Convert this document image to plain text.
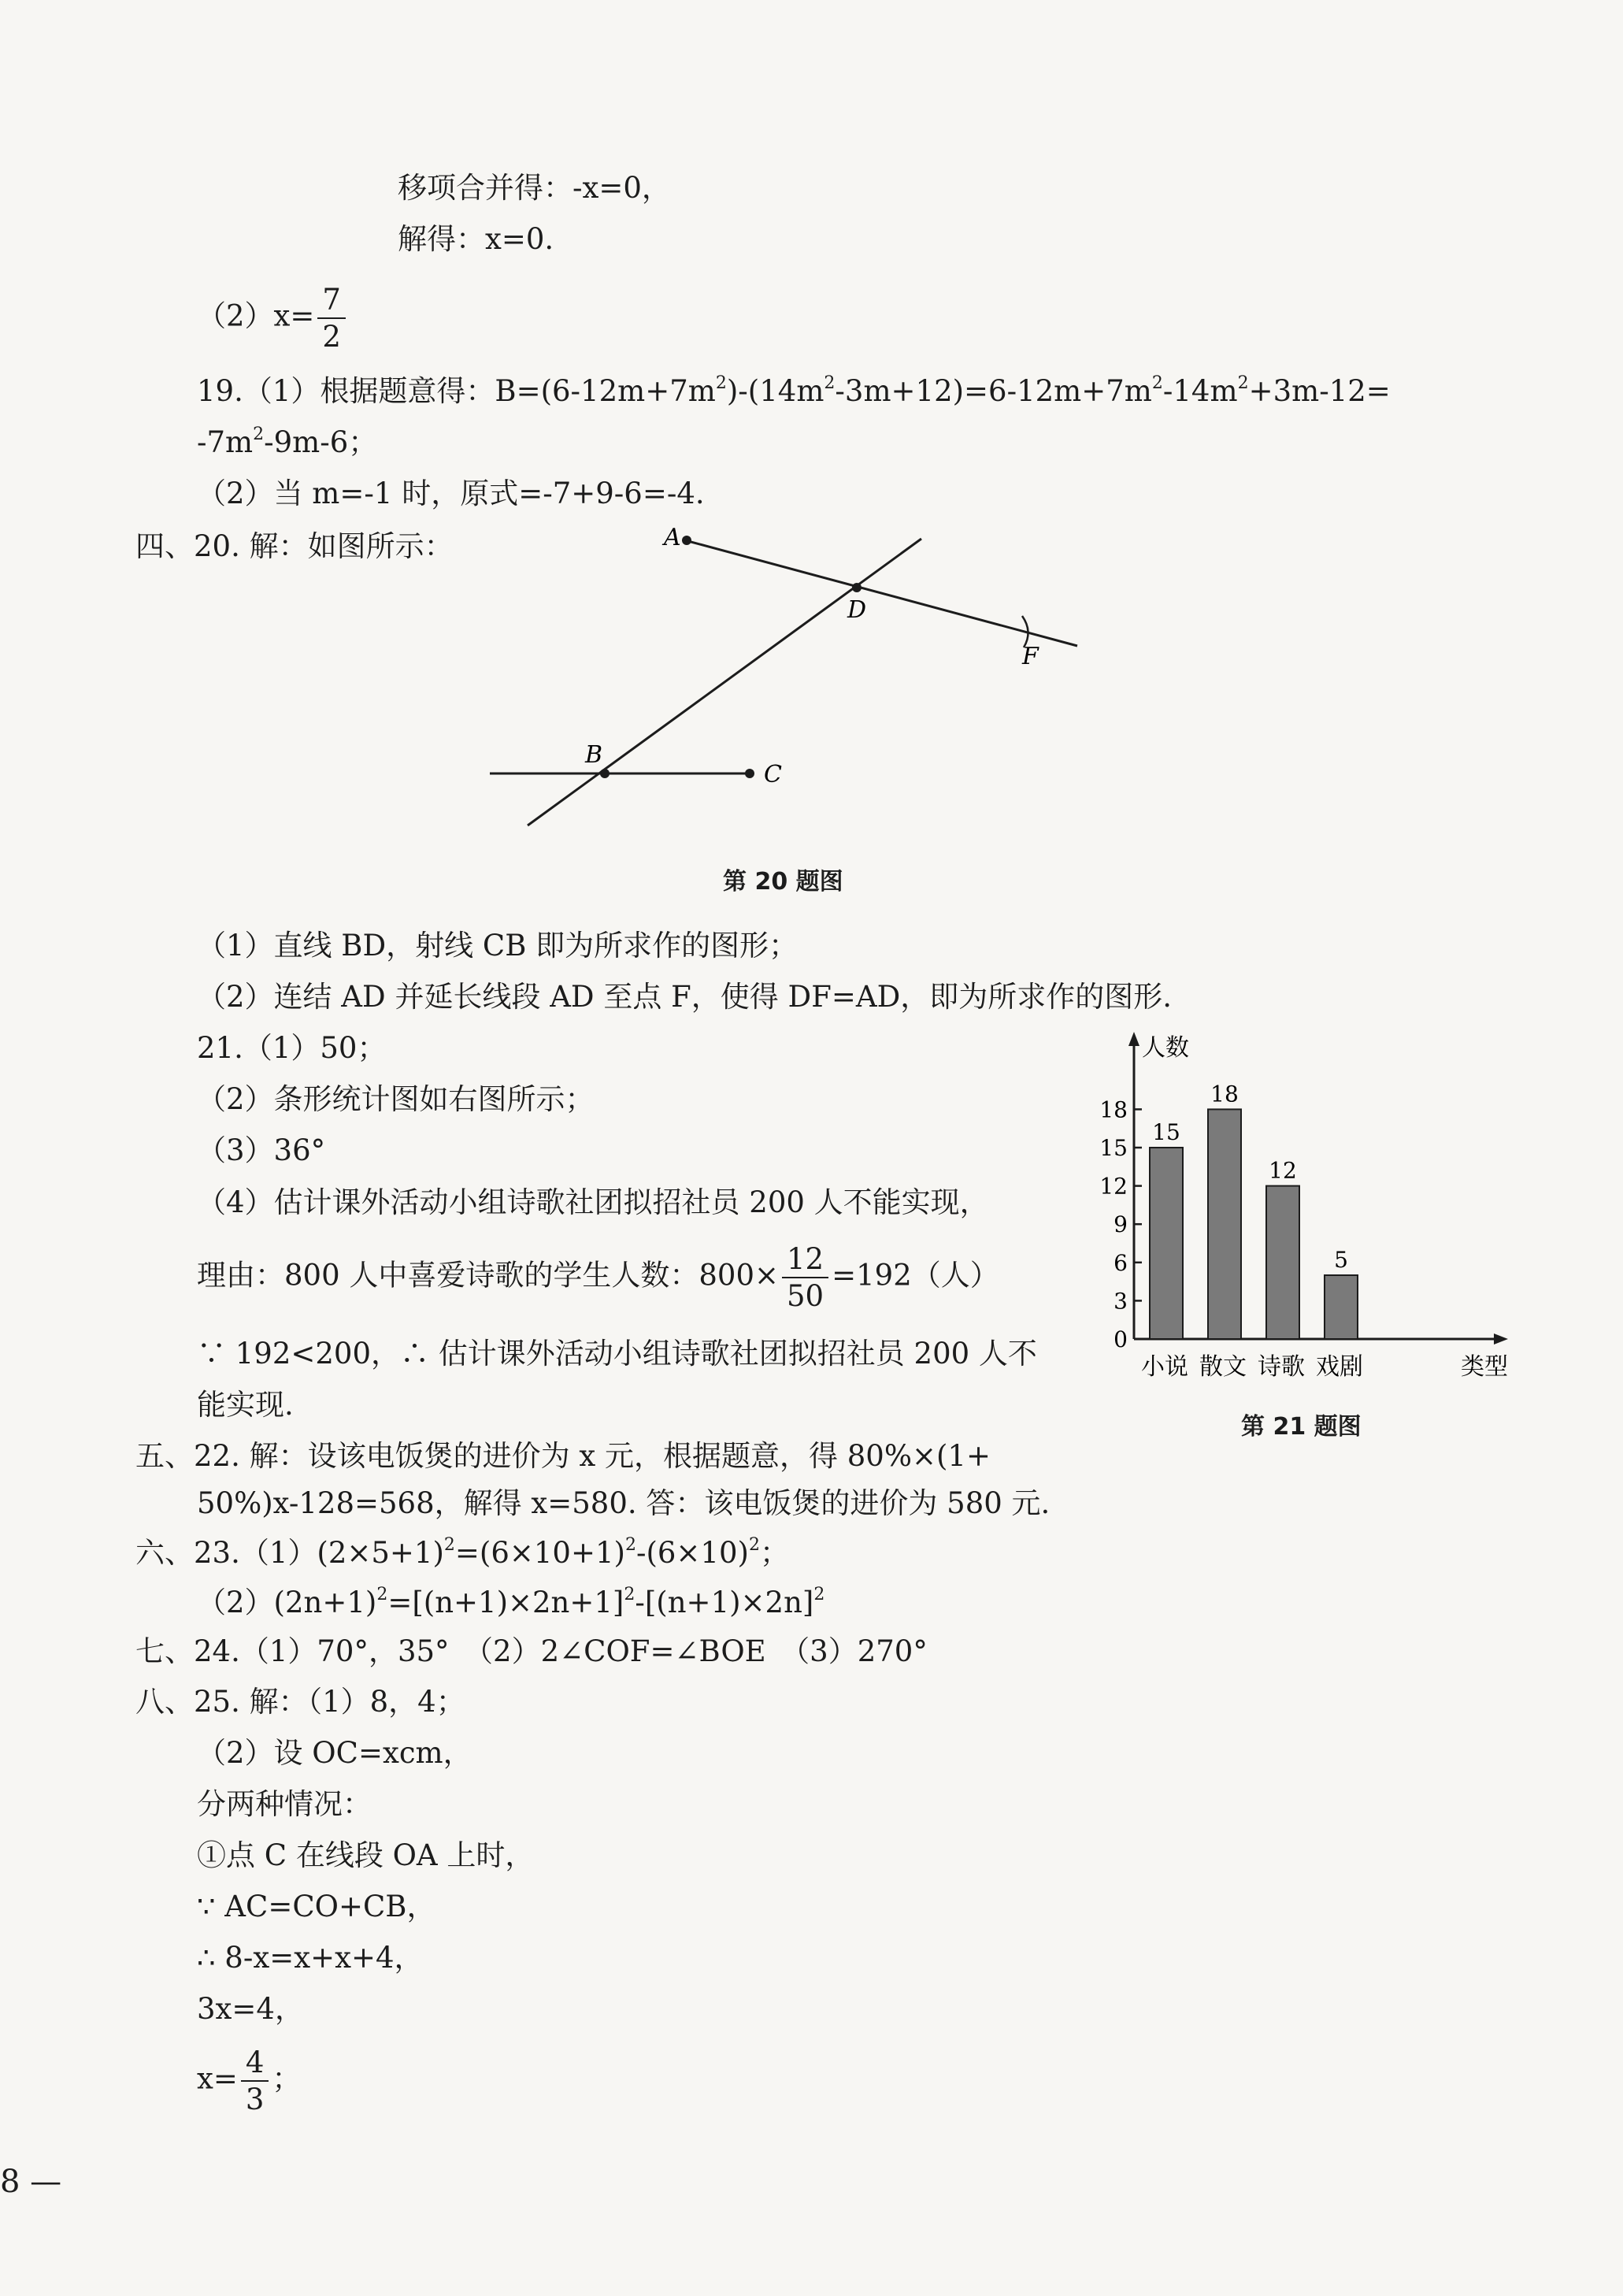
移项合并得：-x=0，
解得：x=0.
$(2)x= \frac{7}{2}$
19.（1）根据题意得：$B=(6-12m+7m^2)-(14m^2-3m+12)=6-12m+7m^2-14m^2+3m-12=$
$-7m^2-9m-6$；
（2）当 m=-1 时，原式=-7+9-6=-4.
四、20. 解：如图所示：	A
D
F
B
C
第 20 题图
（1）直线 BD，射线 CB 即为所求作的图形；
（2）连结 AD 并延长线段 AD 至点 F，使得 DF=AD，即为所求作的图形.
21.（1）50；
（2）条形统计图如右图所示；
（3）36°
（4）估计课外活动小组诗歌社团拟招社员 200 人不能实现，
理由：800 人中喜爱诗歌的学生人数：$800\times \frac{12}{50} =192$（人）
∵ 192<200，∴ 估计课外活动小组诗歌社团拟招社员 200 人不
能实现.
人数
类型
0
3
6
9
12
15
18
15
小说
18
散文
12
诗歌
5
戏剧
第 21 题图
五、22. 解：设该电饭煲的进价为 x 元，根据题意，得 80%×(1+
50%)x-128=568，解得 x=580. 答：该电饭煲的进价为 580 元.
六、$23.(1)(2\times 5+1)^2=(6\times 10+1)^2-(6\times 10)^2$；
$(2)(2n+1)^2=[(n+1)\times 2n+1]^2-[(n+1)\times 2n]^2$
七、24.（1）70°，35°　（2）2∠COF=∠BOE　（3）270°
八、25. 解：（1）8，4；
（2）设 OC=xcm，
分两种情况：
①点 C 在线段 OA 上时，
∵ AC=CO+CB，
∴ 8-x=x+x+4，
3x=4，
$x= \frac{4}{3}$ ；
8 —
